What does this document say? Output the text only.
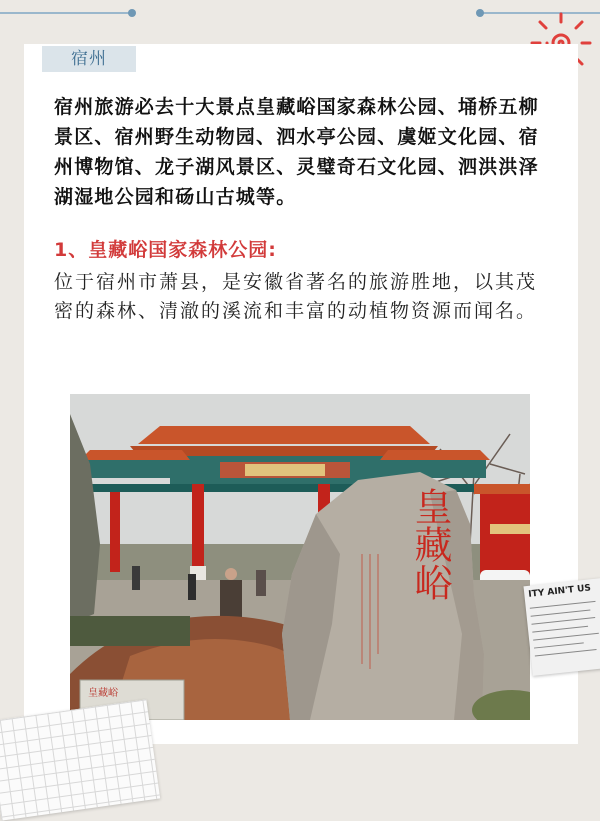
宿州

宿州旅游必去十大景点皇藏峪国家森林公园、埇桥五柳景区、宿州野生动物园、泗水亭公园、虞姬文化园、宿州博物馆、龙子湖风景区、灵璧奇石文化园、泗洪洪泽湖湿地公园和砀山古城等。

1、皇藏峪国家森林公园:

位于宿州市萧县，是安徽省著名的旅游胜地，以其茂密的森林、清澈的溪流和丰富的动植物资源而闻名。

皇藏峪
皇藏峪	ITY AIN'T US
